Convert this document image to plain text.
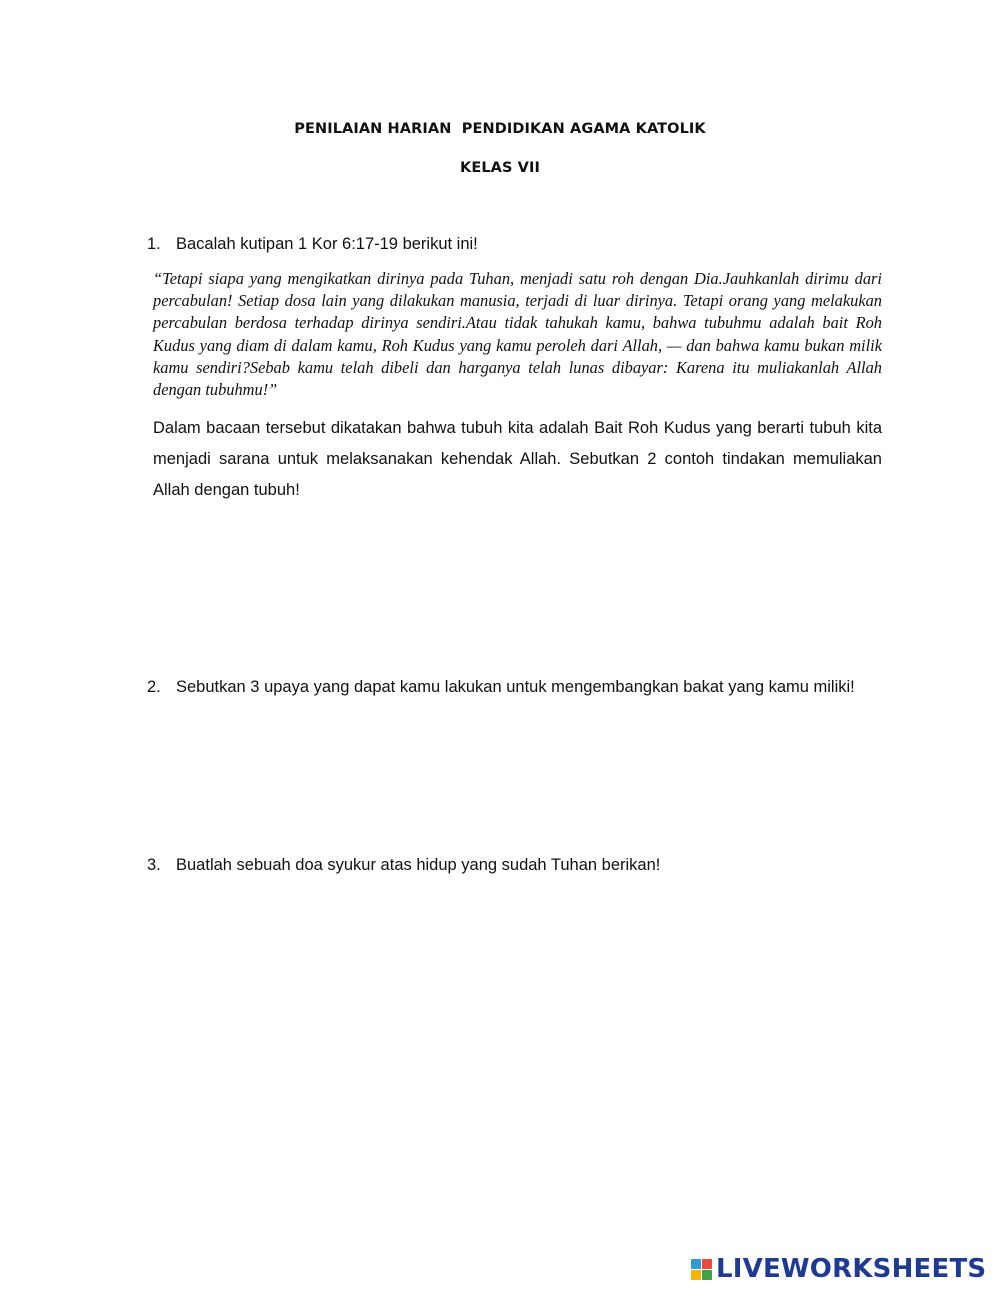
PENILAIAN HARIAN  PENDIDIKAN AGAMA KATOLIK
KELAS VII
1. Bacalah kutipan 1 Kor 6:17-19 berikut ini!
“Tetapi siapa yang mengikatkan dirinya pada Tuhan, menjadi satu roh dengan Dia.Jauhkanlah dirimu dari percabulan! Setiap dosa lain yang dilakukan manusia, terjadi di luar dirinya. Tetapi orang yang melakukan percabulan berdosa terhadap dirinya sendiri.Atau tidak tahukah kamu, bahwa tubuhmu adalah bait Roh Kudus yang diam di dalam kamu, Roh Kudus yang kamu peroleh dari Allah, — dan bahwa kamu bukan milik kamu sendiri?Sebab kamu telah dibeli dan harganya telah lunas dibayar: Karena itu muliakanlah Allah dengan tubuhmu!”
Dalam bacaan tersebut dikatakan bahwa tubuh kita adalah Bait Roh Kudus yang berarti tubuh kita menjadi sarana untuk melaksanakan kehendak Allah. Sebutkan 2 contoh tindakan memuliakan Allah dengan tubuh!
2. Sebutkan 3 upaya yang dapat kamu lakukan untuk mengembangkan bakat yang kamu miliki!
3. Buatlah sebuah doa syukur atas hidup yang sudah Tuhan berikan!
LIVEWORKSHEETS
